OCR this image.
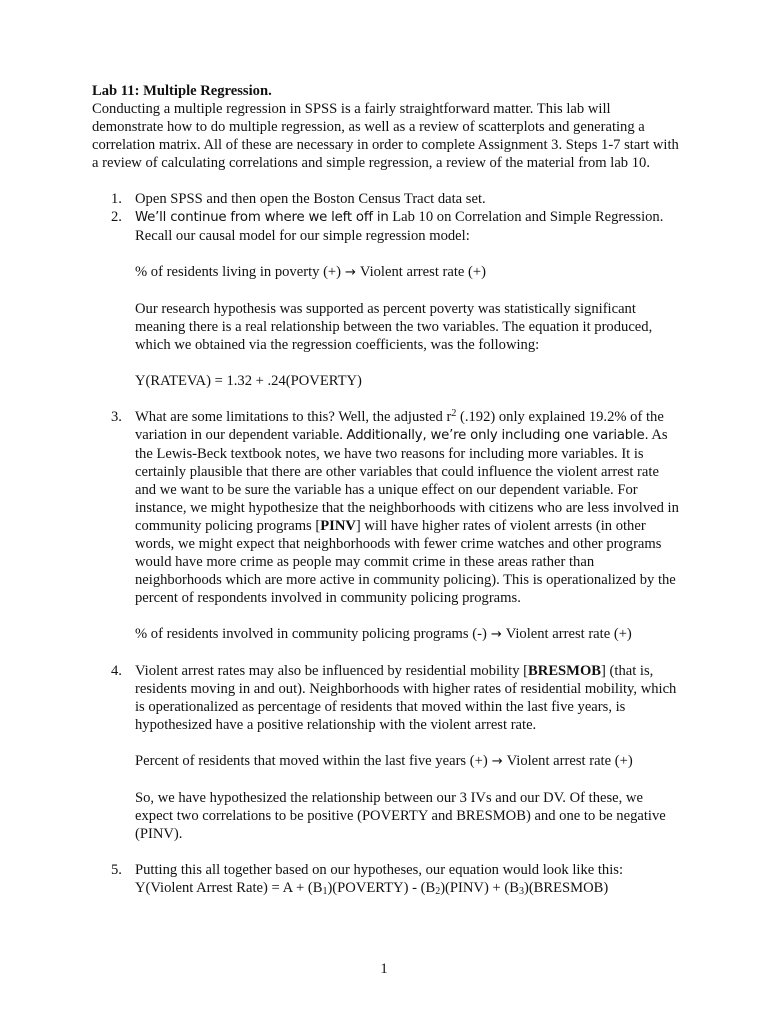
Lab 11: Multiple Regression.

Conducting a multiple regression in SPSS is a fairly straightforward matter. This lab will demonstrate how to do multiple regression, as well as a review of scatterplots and generating a correlation matrix. All of these are necessary in order to complete Assignment 3. Steps 1-7 start with a review of calculating correlations and simple regression, a review of the material from lab 10.

1. Open SPSS and then open the Boston Census Tract data set.

2. We’ll continue from where we left off in Lab 10 on Correlation and Simple Regression. Recall our causal model for our simple regression model:

% of residents living in poverty (+) → Violent arrest rate (+)

Our research hypothesis was supported as percent poverty was statistically significant meaning there is a real relationship between the two variables. The equation it produced, which we obtained via the regression coefficients, was the following:

Y(RATEVA) = 1.32 + .24(POVERTY)

3. What are some limitations to this? Well, the adjusted $r^2$ (.192) only explained 19.2% of the variation in our dependent variable. Additionally, we’re only including one variable. As the Lewis-Beck textbook notes, we have two reasons for including more variables. It is certainly plausible that there are other variables that could influence the violent arrest rate and we want to be sure the variable has a unique effect on our dependent variable. For instance, we might hypothesize that the neighborhoods with citizens who are less involved in community policing programs [PINV] will have higher rates of violent arrests (in other words, we might expect that neighborhoods with fewer crime watches and other programs would have more crime as people may commit crime in these areas rather than neighborhoods which are more active in community policing). This is operationalized by the percent of respondents involved in community policing programs.

% of residents involved in community policing programs (-) → Violent arrest rate (+)

4. Violent arrest rates may also be influenced by residential mobility [BRESMOB] (that is, residents moving in and out). Neighborhoods with higher rates of residential mobility, which is operationalized as percentage of residents that moved within the last five years, is hypothesized have a positive relationship with the violent arrest rate.

Percent of residents that moved within the last five years (+) → Violent arrest rate (+)

So, we have hypothesized the relationship between our 3 IVs and our DV. Of these, we expect two correlations to be positive (POVERTY and BRESMOB) and one to be negative (PINV).

5. Putting this all together based on our hypotheses, our equation would look like this:

Y(Violent Arrest Rate) = $A + (B_1)(POVERTY)$ - $(B_2)(PINV)$ + $(B_3)(BRESMOB)$

1
